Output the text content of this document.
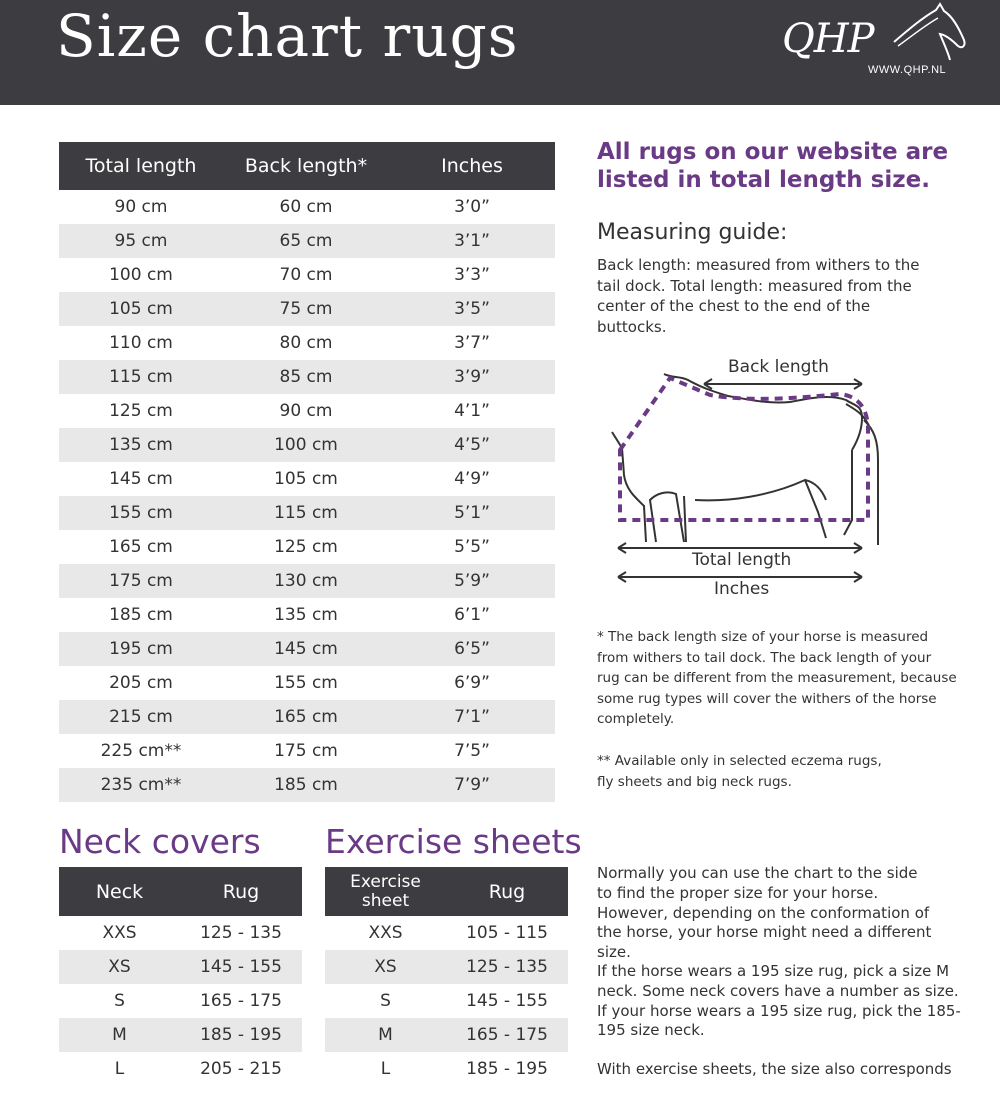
Size chart rugs	QHP
WWW.QHP.NL
Total length	Back length*	Inches
90 cm	60 cm	3’0”
95 cm	65 cm	3’1”
100 cm	70 cm	3’3”
105 cm	75 cm	3’5”
110 cm	80 cm	3’7”
115 cm	85 cm	3’9”
125 cm	90 cm	4’1”
135 cm	100 cm	4’5”
145 cm	105 cm	4’9”
155 cm	115 cm	5’1”
165 cm	125 cm	5’5”
175 cm	130 cm	5’9”
185 cm	135 cm	6’1”
195 cm	145 cm	6’5”
205 cm	155 cm	6’9”
215 cm	165 cm	7’1”
225 cm**	175 cm	7’5”
235 cm**	185 cm	7’9”
All rugs on our website are listed in total length size.
Measuring guide:
Back length: measured from withers to the tail dock. Total length: measured from the center of the chest to the end of the buttocks.
Back length
Total length
Inches
* The back length size of your horse is measured from withers to tail dock. The back length of your rug can be different from the measurement, because some rug types will cover the withers of the horse completely.
** Available only in selected eczema rugs, fly sheets and big neck rugs.
Normally you can use the chart to the side to find the proper size for your horse. However, depending on the conformation of the horse, your horse might need a different size.
If the horse wears a 195 size rug, pick a size M neck. Some neck covers have a number as size. If your horse wears a 195 size rug, pick the 185-195 size neck.
With exercise sheets, the size also corresponds
Neck covers
Neck	Rug
XXS	125 - 135
XS	145 - 155
S	165 - 175
M	185 - 195
L	205 - 215
Exercise sheets
Exercise sheet	Rug
XXS	105 - 115
XS	125 - 135
S	145 - 155
M	165 - 175
L	185 - 195
